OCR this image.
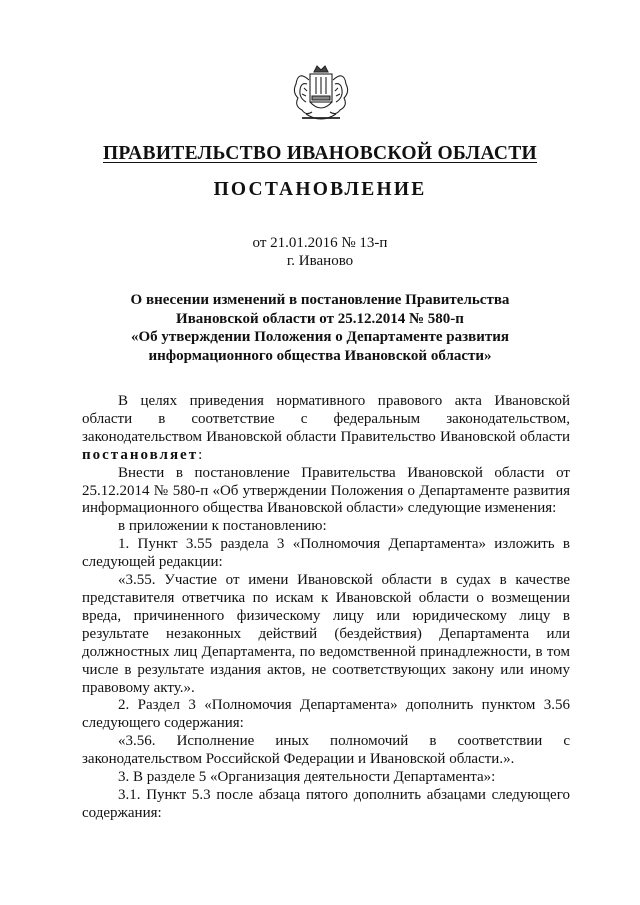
ПРАВИТЕЛЬСТВО ИВАНОВСКОЙ ОБЛАСТИ
ПОСТАНОВЛЕНИЕ
от 21.01.2016 № 13-п
г. Иваново
О внесении изменений в постановление Правительства
Ивановской области от 25.12.2014 № 580-п
«Об утверждении Положения о Департаменте развития
информационного общества Ивановской области»

В целях приведения нормативного правового акта Ивановской области в соответствие с федеральным законодательством, законодательством Ивановской области Правительство Ивановской области постановляет:

Внести в постановление Правительства Ивановской области от 25.12.2014 № 580-п «Об утверждении Положения о Департаменте развития информационного общества Ивановской области» следующие изменения:

в приложении к постановлению:

1. Пункт 3.55 раздела 3 «Полномочия Департамента» изложить в следующей редакции:

«3.55. Участие от имени Ивановской области в судах в качестве представителя ответчика по искам к Ивановской области о возмещении вреда, причиненного физическому лицу или юридическому лицу в результате незаконных действий (бездействия) Департамента или должностных лиц Департамента, по ведомственной принадлежности, в том числе в результате издания актов, не соответствующих закону или иному правовому акту.».

2. Раздел 3 «Полномочия Департамента» дополнить пунктом 3.56 следующего содержания:

«3.56. Исполнение иных полномочий в соответствии с законодательством Российской Федерации и Ивановской области.».

3. В разделе 5 «Организация деятельности Департамента»:

3.1. Пункт 5.3 после абзаца пятого дополнить абзацами следующего содержания:
